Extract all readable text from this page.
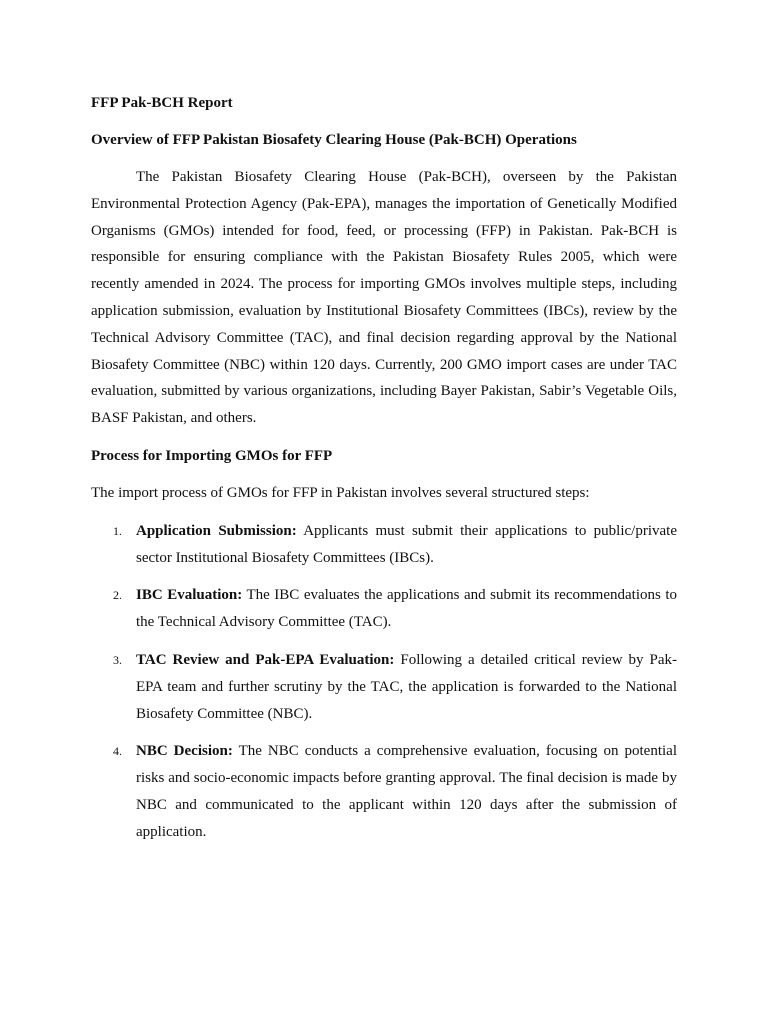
FFP Pak-BCH Report

Overview of FFP Pakistan Biosafety Clearing House (Pak-BCH) Operations

The Pakistan Biosafety Clearing House (Pak-BCH), overseen by the Pakistan Environmental Protection Agency (Pak-EPA), manages the importation of Genetically Modified Organisms (GMOs) intended for food, feed, or processing (FFP) in Pakistan. Pak-BCH is responsible for ensuring compliance with the Pakistan Biosafety Rules 2005, which were recently amended in 2024. The process for importing GMOs involves multiple steps, including application submission, evaluation by Institutional Biosafety Committees (IBCs), review by the Technical Advisory Committee (TAC), and final decision regarding approval by the National Biosafety Committee (NBC) within 120 days. Currently, 200 GMO import cases are under TAC evaluation, submitted by various organizations, including Bayer Pakistan, Sabir’s Vegetable Oils, BASF Pakistan, and others.

Process for Importing GMOs for FFP

The import process of GMOs for FFP in Pakistan involves several structured steps:

1. Application Submission: Applicants must submit their applications to public/private sector Institutional Biosafety Committees (IBCs).
2. IBC Evaluation: The IBC evaluates the applications and submit its recommendations to the Technical Advisory Committee (TAC).
3. TAC Review and Pak-EPA Evaluation: Following a detailed critical review by Pak-EPA team and further scrutiny by the TAC, the application is forwarded to the National Biosafety Committee (NBC).
4. NBC Decision: The NBC conducts a comprehensive evaluation, focusing on potential risks and socio-economic impacts before granting approval. The final decision is made by NBC and communicated to the applicant within 120 days after the submission of application.
